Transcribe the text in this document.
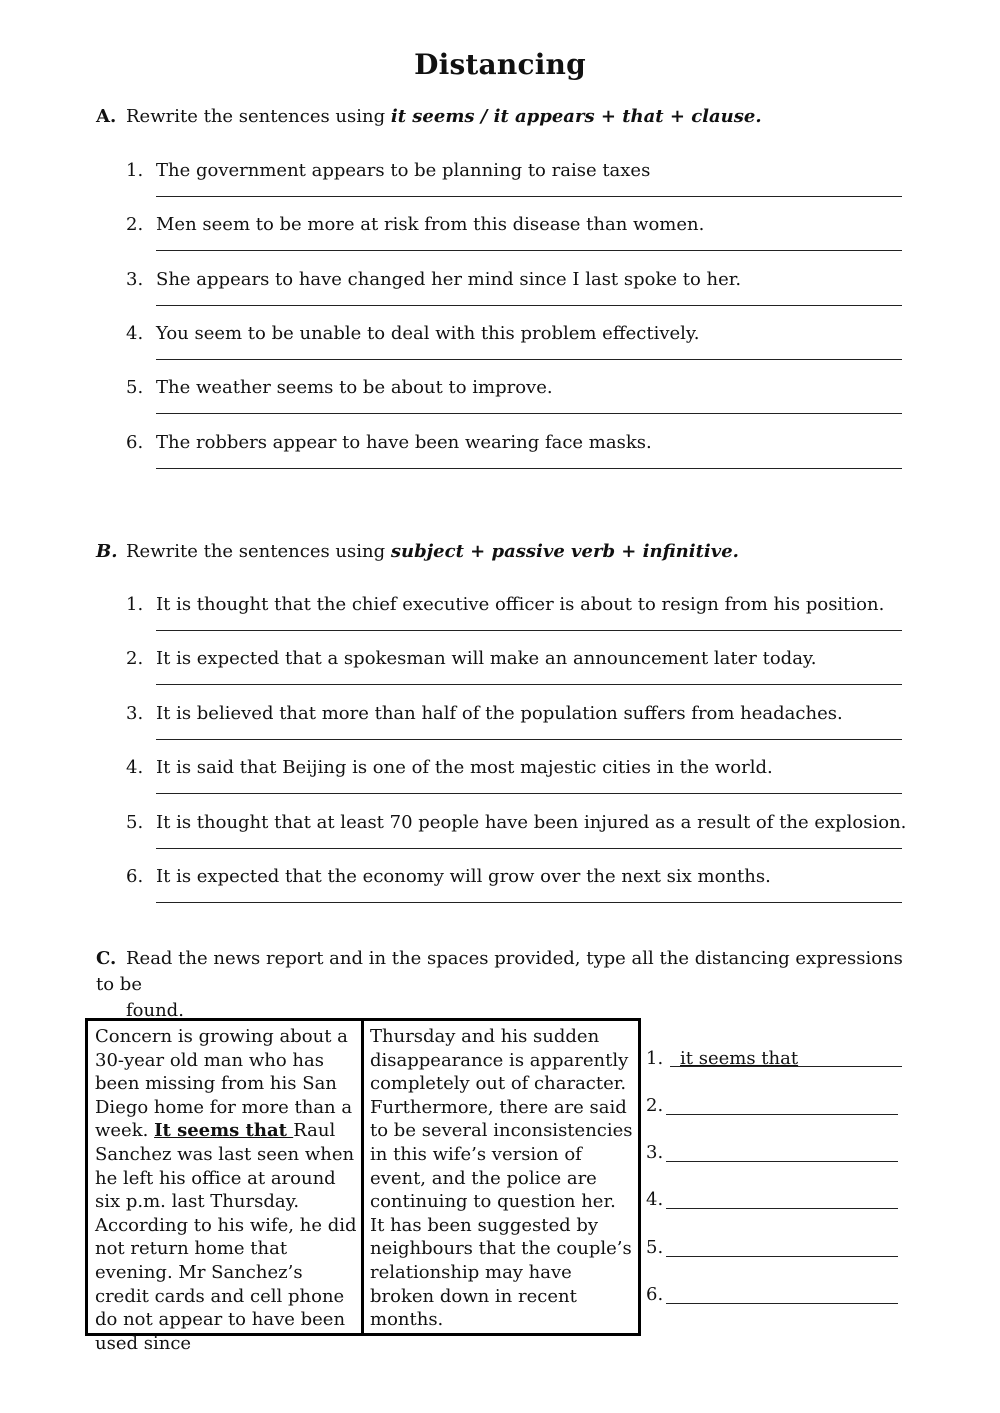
Distancing
A. Rewrite the sentences using it seems / it appears + that + clause.
1. The government appears to be planning to raise taxes
2. Men seem to be more at risk from this disease than women.
3. She appears to have changed her mind since I last spoke to her.
4. You seem to be unable to deal with this problem effectively.
5. The weather seems to be about to improve.
6. The robbers appear to have been wearing face masks.
B. Rewrite the sentences using subject + passive verb + infinitive.
1. It is thought that the chief executive officer is about to resign from his position.
2. It is expected that a spokesman will make an announcement later today.
3. It is believed that more than half of the population suffers from headaches.
4. It is said that Beijing is one of the most majestic cities in the world.
5. It is thought that at least 70 people have been injured as a result of the explosion.
6. It is expected that the economy will grow over the next six months.
C. Read the news report and in the spaces provided, type all the distancing expressions to be
found.
Concern is growing about a 30-year old man who has been missing from his San Diego home for more than a week. It seems that Raul Sanchez was last seen when he left his office at around six p.m. last Thursday. According to his wife, he did not return home that evening. Mr Sanchez’s credit cards and cell phone do not appear to have been used since
Thursday and his sudden disappearance is apparently completely out of character. Furthermore, there are said to be several inconsistencies in this wife’s version of event, and the police are continuing to question her. It has been suggested by neighbours that the couple’s relationship may have broken down in recent months.
1. it seems that
2.
3.
4.
5.
6.
